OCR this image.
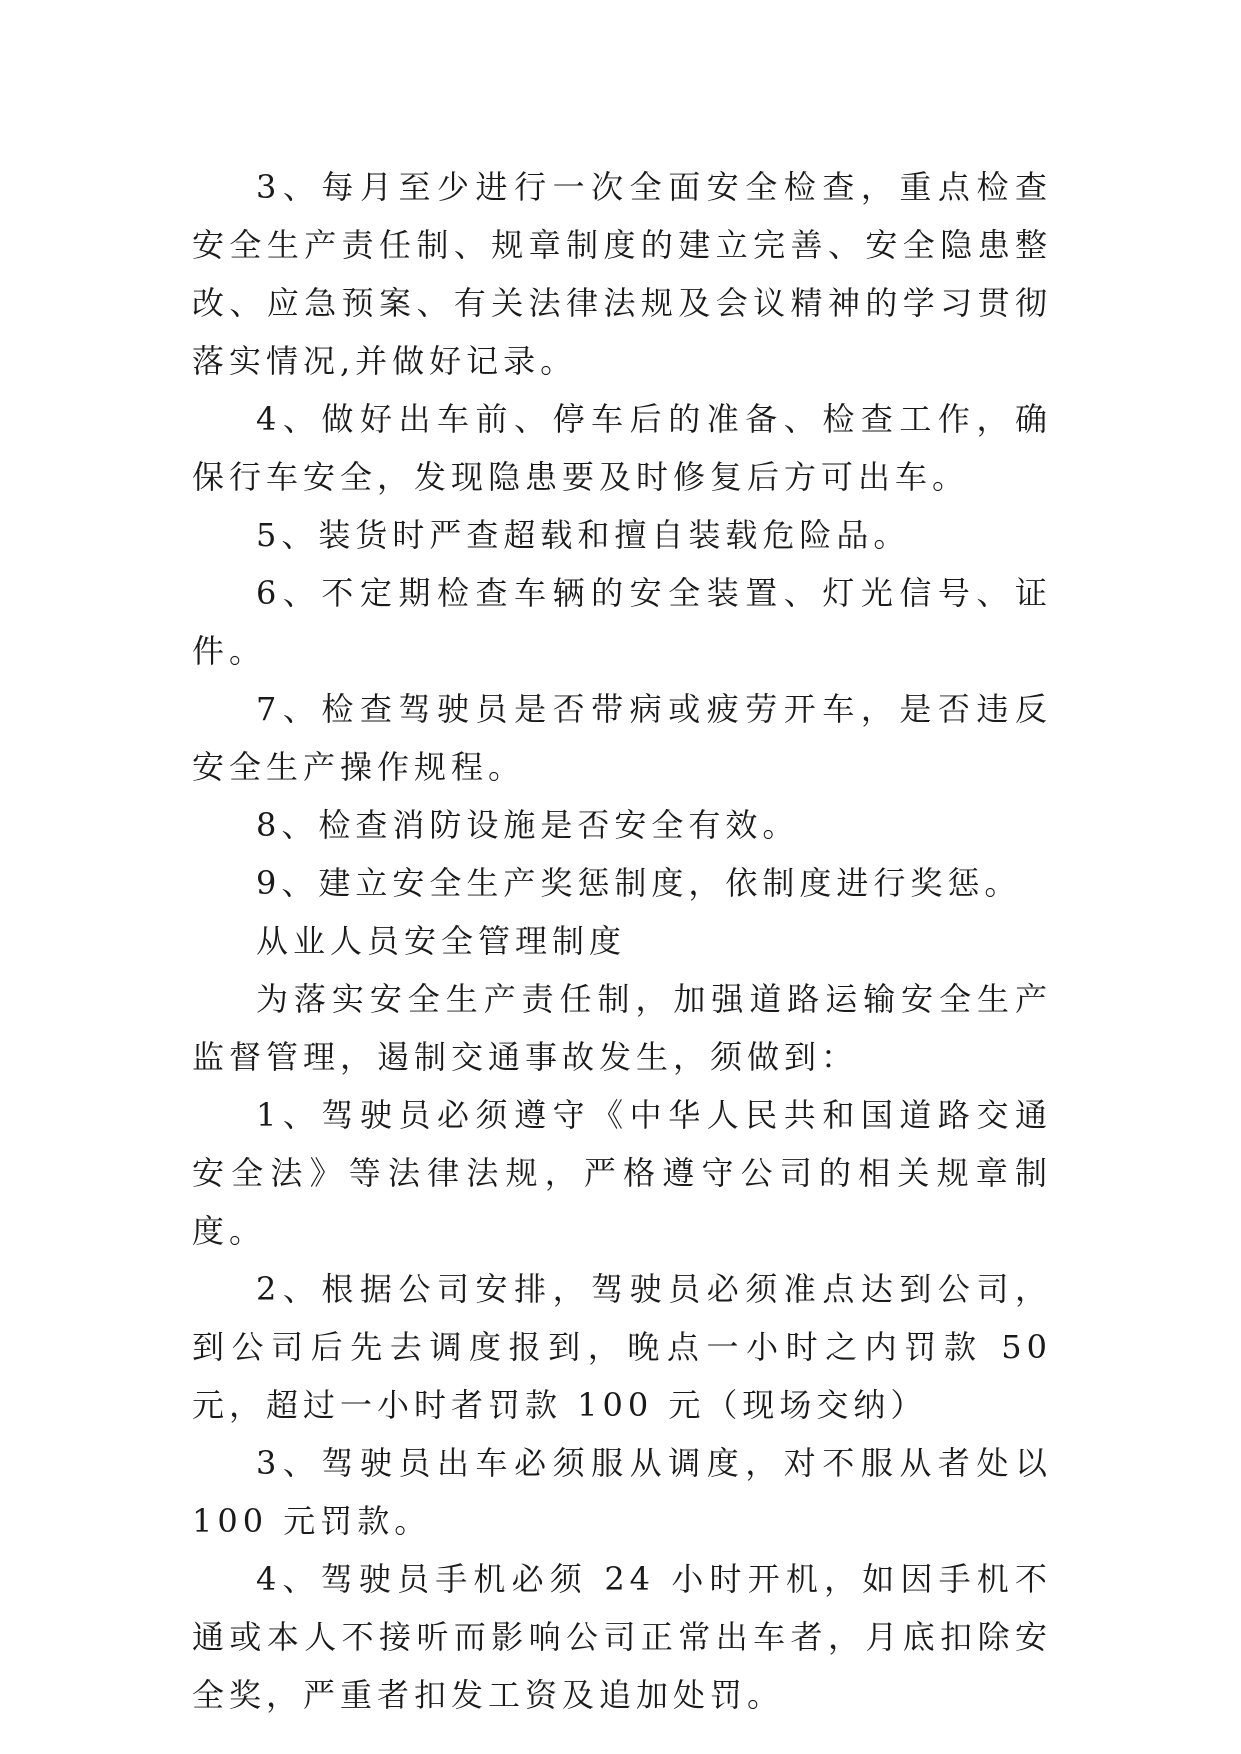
3、每月至少进行一次全面安全检查，重点检查安全生产责任制、规章制度的建立完善、安全隐患整改、应急预案、有关法律法规及会议精神的学习贯彻落实情况,并做好记录。

4、做好出车前、停车后的准备、检查工作，确保行车安全，发现隐患要及时修复后方可出车。

5、装货时严查超载和擅自装载危险品。

6、不定期检查车辆的安全装置、灯光信号、证件。

7、检查驾驶员是否带病或疲劳开车，是否违反安全生产操作规程。

8、检查消防设施是否安全有效。

9、建立安全生产奖惩制度，依制度进行奖惩。

从业人员安全管理制度

为落实安全生产责任制，加强道路运输安全生产监督管理，遏制交通事故发生，须做到：

1、驾驶员必须遵守《中华人民共和国道路交通安全法》等法律法规，严格遵守公司的相关规章制度。

2、根据公司安排，驾驶员必须准点达到公司，到公司后先去调度报到，晚点一小时之内罚款 50 元，超过一小时者罚款 100 元（现场交纳）

3、驾驶员出车必须服从调度，对不服从者处以 100 元罚款。

4、驾驶员手机必须 24 小时开机，如因手机不通或本人不接听而影响公司正常出车者，月底扣除安全奖，严重者扣发工资及追加处罚。
